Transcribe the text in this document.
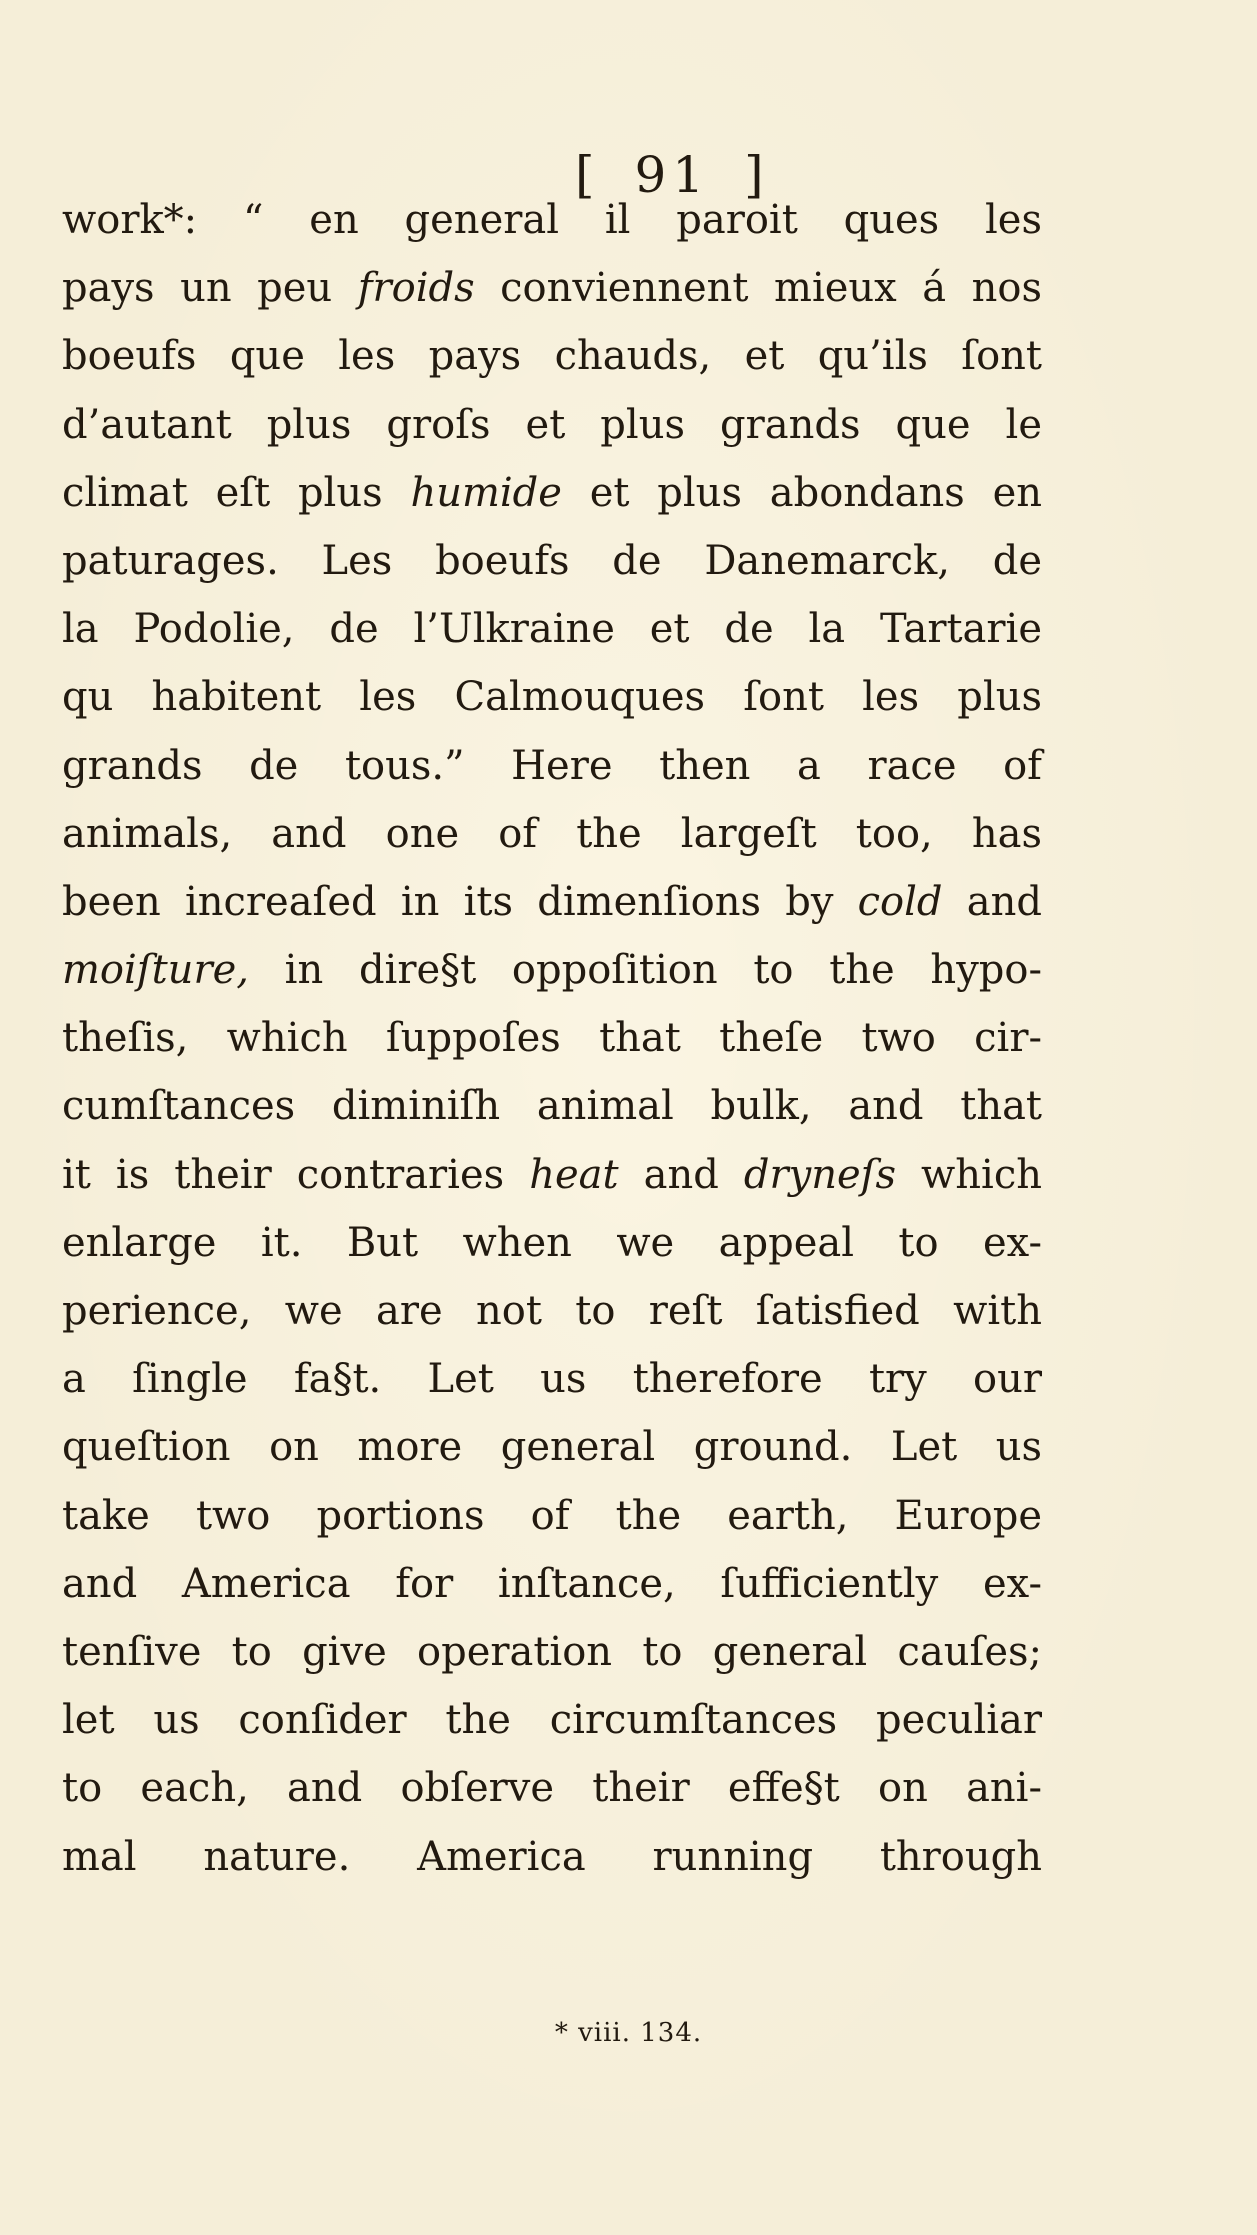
[ 91 ]

work*: “ en general il paroit ques les
pays un peu froids conviennent mieux á nos
boeufs que les pays chauds, et qu’ils ſont
d’autant plus groſs et plus grands que le
climat eſt plus humide et plus abondans en
paturages. Les boeufs de Danemarck, de
la Podolie, de l’Ulkraine et de la Tartarie
qu habitent les Calmouques ſont les plus
grands de tous.” Here then a race of
animals, and one of the largeſt too, has
been increaſed in its dimenſions by cold and
moiſture, in dire§t oppoſition to the hypo-
theſis, which ſuppoſes that theſe two cir-
cumſtances diminiſh animal bulk, and that
it is their contraries heat and dryneſs which
enlarge it. But when we appeal to ex-
perience, we are not to reſt ſatisfied with
a ſingle fa§t. Let us therefore try our
queſtion on more general ground. Let us
take two portions of the earth, Europe
and America for inſtance, ſufficiently ex-
tenſive to give operation to general cauſes;
let us conſider the circumſtances peculiar
to each, and obſerve their effe§t on ani-
mal nature. America running through
* viii. 134.
